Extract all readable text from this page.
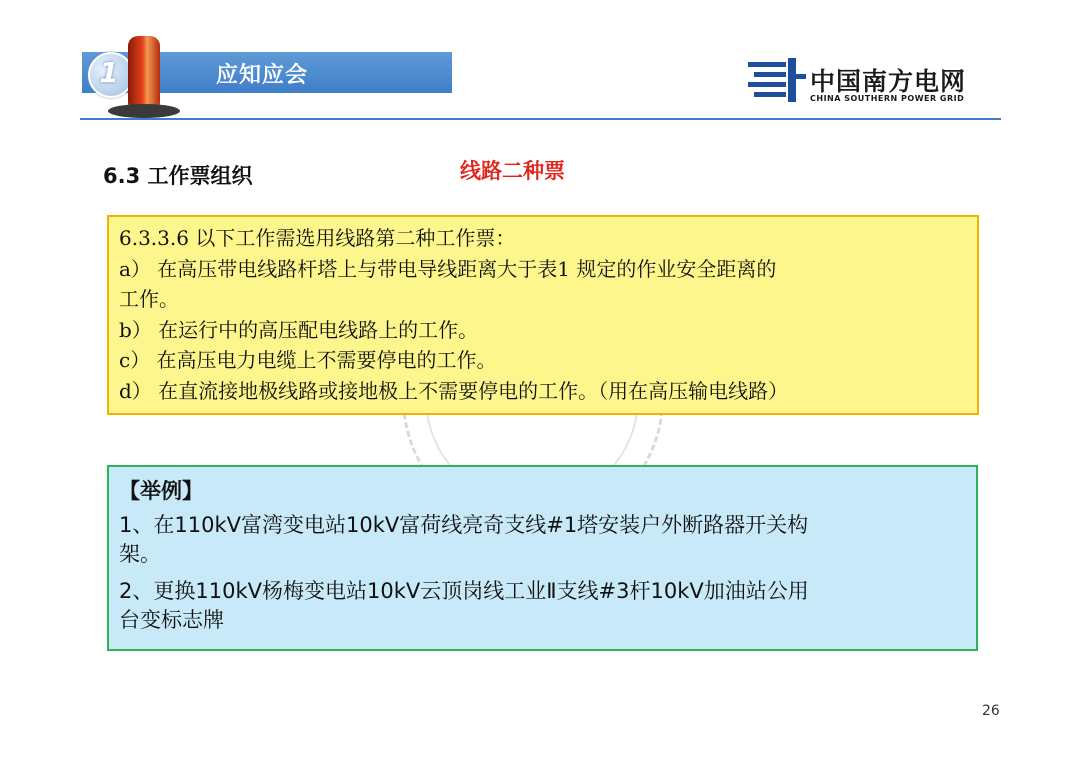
1	应知应会	中国南方电网
CHINA SOUTHERN POWER GRID
6.3 工作票组织	线路二种票
6.3.3.6 以下工作需选用线路第二种工作票：
a） 在高压带电线路杆塔上与带电导线距离大于表1 规定的作业安全距离的
工作。
b） 在运行中的高压配电线路上的工作。
c） 在高压电力电缆上不需要停电的工作。
d） 在直流接地极线路或接地极上不需要停电的工作。（用在高压输电线路）
【举例】
1、在110kV富湾变电站10kV富荷线亮奇支线#1塔安装户外断路器开关构
架。
2、更换110kV杨梅变电站10kV云顶岗线工业Ⅱ支线#3杆10kV加油站公用
台变标志牌
26
